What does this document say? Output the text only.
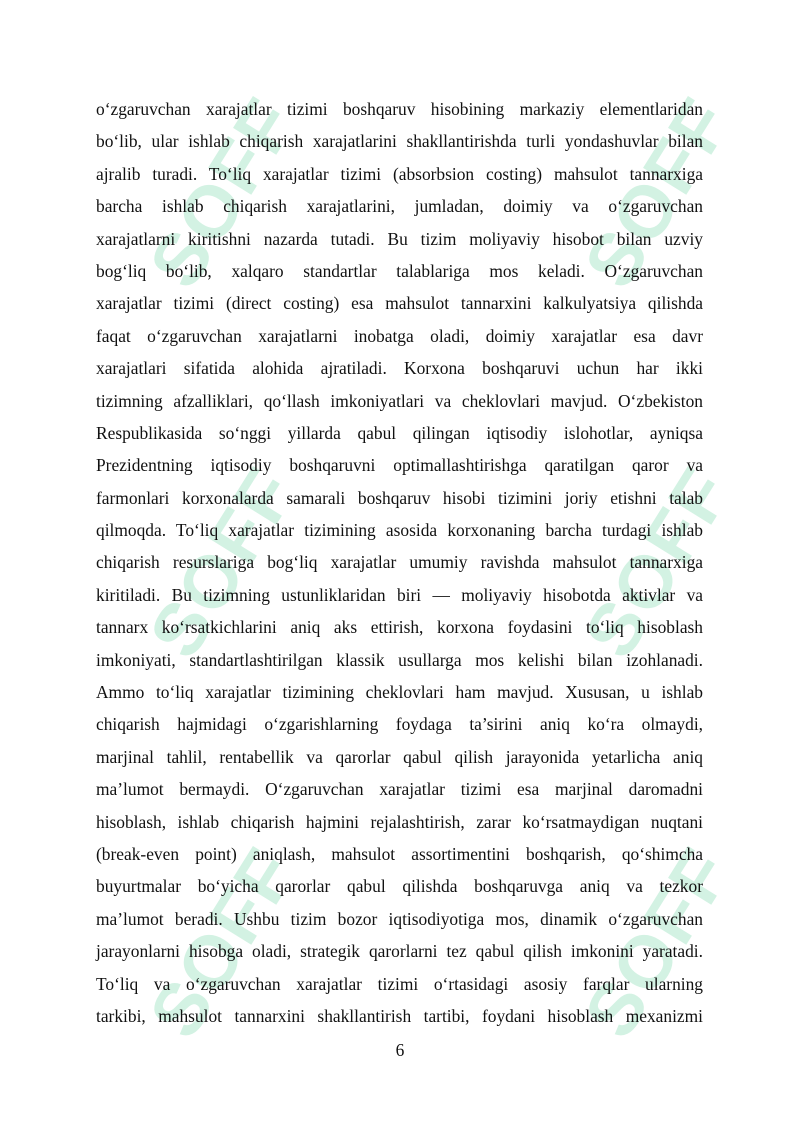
SOFF	SOFF
SOFF	SOFF
SOFF	SOFF
o‘zgaruvchan xarajatlar tizimi boshqaruv hisobining markaziy elementlaridan
bo‘lib, ular ishlab chiqarish xarajatlarini shakllantirishda turli yondashuvlar bilan
ajralib turadi. To‘liq xarajatlar tizimi (absorbsion costing) mahsulot tannarxiga
barcha ishlab chiqarish xarajatlarini, jumladan, doimiy va o‘zgaruvchan
xarajatlarni kiritishni nazarda tutadi. Bu tizim moliyaviy hisobot bilan uzviy
bog‘liq bo‘lib, xalqaro standartlar talablariga mos keladi. O‘zgaruvchan
xarajatlar tizimi (direct costing) esa mahsulot tannarxini kalkulyatsiya qilishda
faqat o‘zgaruvchan xarajatlarni inobatga oladi, doimiy xarajatlar esa davr
xarajatlari sifatida alohida ajratiladi. Korxona boshqaruvi uchun har ikki
tizimning afzalliklari, qo‘llash imkoniyatlari va cheklovlari mavjud. O‘zbekiston
Respublikasida so‘nggi yillarda qabul qilingan iqtisodiy islohotlar, ayniqsa
Prezidentning iqtisodiy boshqaruvni optimallashtirishga qaratilgan qaror va
farmonlari korxonalarda samarali boshqaruv hisobi tizimini joriy etishni talab
qilmoqda. To‘liq xarajatlar tizimining asosida korxonaning barcha turdagi ishlab
chiqarish resurslariga bog‘liq xarajatlar umumiy ravishda mahsulot tannarxiga
kiritiladi. Bu tizimning ustunliklaridan biri — moliyaviy hisobotda aktivlar va
tannarx ko‘rsatkichlarini aniq aks ettirish, korxona foydasini to‘liq hisoblash
imkoniyati, standartlashtirilgan klassik usullarga mos kelishi bilan izohlanadi.
Ammo to‘liq xarajatlar tizimining cheklovlari ham mavjud. Xususan, u ishlab
chiqarish hajmidagi o‘zgarishlarning foydaga ta’sirini aniq ko‘ra olmaydi,
marjinal tahlil, rentabellik va qarorlar qabul qilish jarayonida yetarlicha aniq
ma’lumot bermaydi. O‘zgaruvchan xarajatlar tizimi esa marjinal daromadni
hisoblash, ishlab chiqarish hajmini rejalashtirish, zarar ko‘rsatmaydigan nuqtani
(break-even point) aniqlash, mahsulot assortimentini boshqarish, qo‘shimcha
buyurtmalar bo‘yicha qarorlar qabul qilishda boshqaruvga aniq va tezkor
ma’lumot beradi. Ushbu tizim bozor iqtisodiyotiga mos, dinamik o‘zgaruvchan
jarayonlarni hisobga oladi, strategik qarorlarni tez qabul qilish imkonini yaratadi.
To‘liq va o‘zgaruvchan xarajatlar tizimi o‘rtasidagi asosiy farqlar ularning
tarkibi, mahsulot tannarxini shakllantirish tartibi, foydani hisoblash mexanizmi
6
